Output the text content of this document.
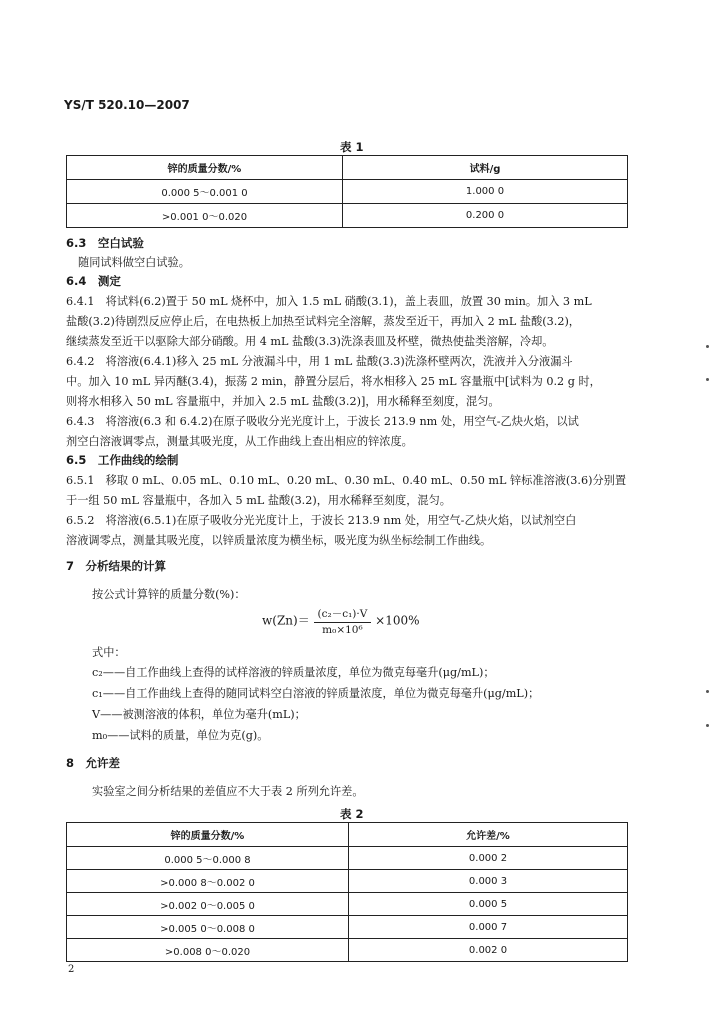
YS/T 520.10—2007
表 1
锌的质量分数/%	试料/g
0.000 5～0.001 0	1.000 0
>0.001 0～0.020	0.200 0
6.3　空白试验
随同试料做空白试验。
6.4　测定
6.4.1　将试料(6.2)置于 50 mL 烧杯中，加入 1.5 mL 硝酸(3.1)，盖上表皿，放置 30 min。加入 3 mL
盐酸(3.2)待剧烈反应停止后，在电热板上加热至试料完全溶解，蒸发至近干，再加入 2 mL 盐酸(3.2)，
继续蒸发至近干以驱除大部分硝酸。用 4 mL 盐酸(3.3)洗涤表皿及杯壁，微热使盐类溶解，冷却。
6.4.2　将溶液(6.4.1)移入 25 mL 分液漏斗中，用 1 mL 盐酸(3.3)洗涤杯壁两次，洗液并入分液漏斗
中。加入 10 mL 异丙醚(3.4)，振荡 2 min，静置分层后，将水相移入 25 mL 容量瓶中[试料为 0.2 g 时，
则将水相移入 50 mL 容量瓶中，并加入 2.5 mL 盐酸(3.2)]，用水稀释至刻度，混匀。
6.4.3　将溶液(6.3 和 6.4.2)在原子吸收分光光度计上，于波长 213.9 nm 处，用空气-乙炔火焰，以试
剂空白溶液调零点，测量其吸光度，从工作曲线上查出相应的锌浓度。
6.5　工作曲线的绘制
6.5.1　移取 0 mL、0.05 mL、0.10 mL、0.20 mL、0.30 mL、0.40 mL、0.50 mL 锌标准溶液(3.6)分别置
于一组 50 mL 容量瓶中，各加入 5 mL 盐酸(3.2)，用水稀释至刻度，混匀。
6.5.2　将溶液(6.5.1)在原子吸收分光光度计上，于波长 213.9 nm 处，用空气-乙炔火焰，以试剂空白
溶液调零点，测量其吸光度，以锌质量浓度为横坐标，吸光度为纵坐标绘制工作曲线。
7　分析结果的计算
按公式计算锌的质量分数(%)：
$w(Zn)= \frac{\text{(c₂－c₁)·V}}{\text{m₀×10⁶}} \times 100\%$
式中：
c₂——自工作曲线上查得的试样溶液的锌质量浓度，单位为微克每毫升(μg/mL)；
c₁——自工作曲线上查得的随同试料空白溶液的锌质量浓度，单位为微克每毫升(μg/mL)；
V——被测溶液的体积，单位为毫升(mL)；
m₀——试料的质量，单位为克(g)。
8　允许差
实验室之间分析结果的差值应不大于表 2 所列允许差。
表 2
锌的质量分数/%	允许差/%
0.000 5～0.000 8	0.000 2
>0.000 8～0.002 0	0.000 3
>0.002 0～0.005 0	0.000 5
>0.005 0～0.008 0	0.000 7
>0.008 0～0.020	0.002 0
2
